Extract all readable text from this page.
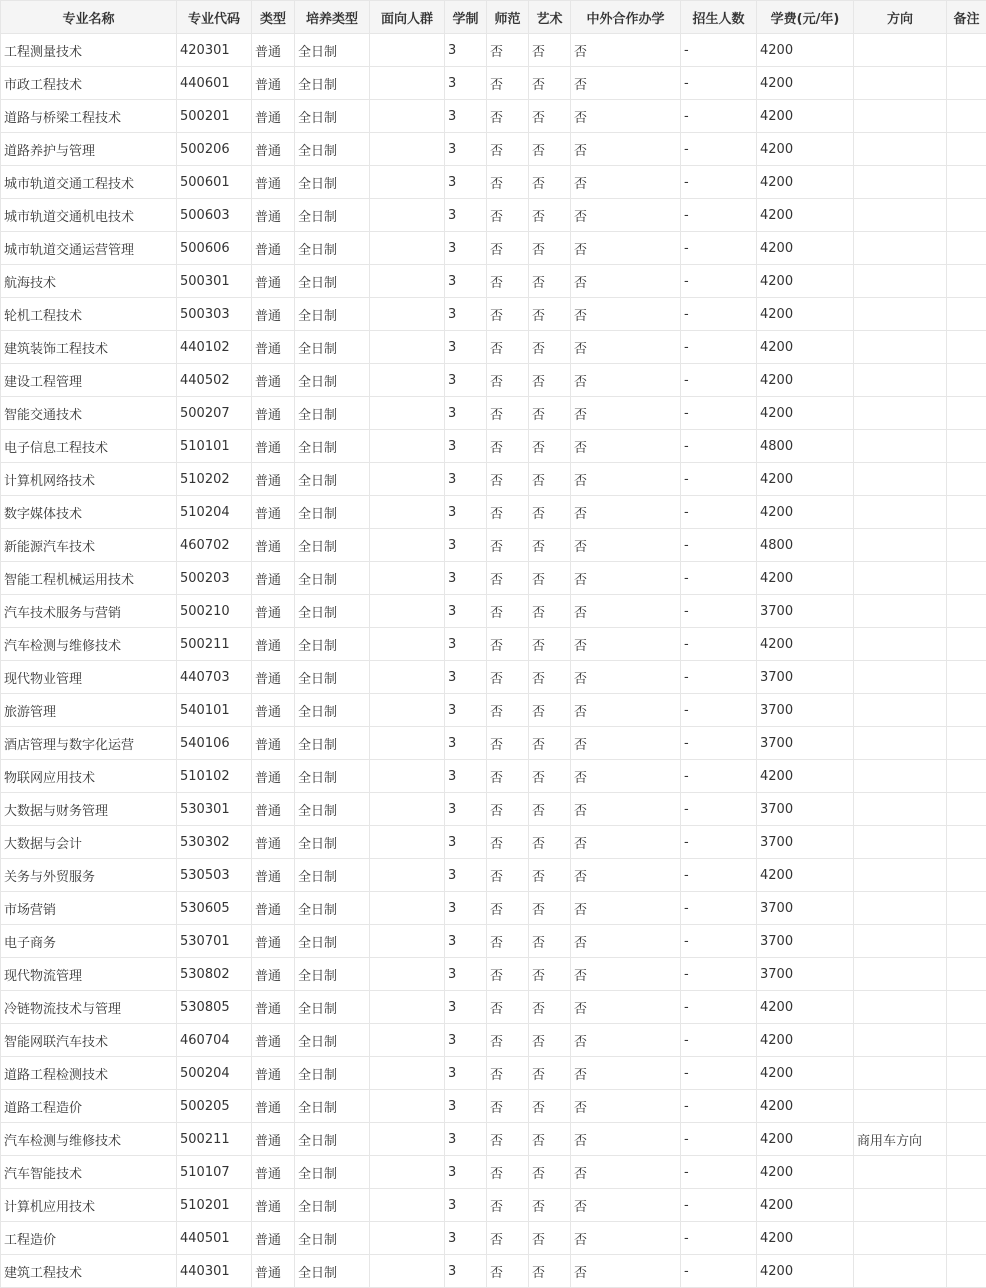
专业名称	专业代码	类型	培养类型	面向人群	学制	师范	艺术	中外合作办学	招生人数	学费(元/年)	方向	备注
工程测量技术	420301	普通	全日制		3	否	否	否	-	4200		
市政工程技术	440601	普通	全日制		3	否	否	否	-	4200		
道路与桥梁工程技术	500201	普通	全日制		3	否	否	否	-	4200		
道路养护与管理	500206	普通	全日制		3	否	否	否	-	4200		
城市轨道交通工程技术	500601	普通	全日制		3	否	否	否	-	4200		
城市轨道交通机电技术	500603	普通	全日制		3	否	否	否	-	4200		
城市轨道交通运营管理	500606	普通	全日制		3	否	否	否	-	4200		
航海技术	500301	普通	全日制		3	否	否	否	-	4200		
轮机工程技术	500303	普通	全日制		3	否	否	否	-	4200		
建筑装饰工程技术	440102	普通	全日制		3	否	否	否	-	4200		
建设工程管理	440502	普通	全日制		3	否	否	否	-	4200		
智能交通技术	500207	普通	全日制		3	否	否	否	-	4200		
电子信息工程技术	510101	普通	全日制		3	否	否	否	-	4800		
计算机网络技术	510202	普通	全日制		3	否	否	否	-	4200		
数字媒体技术	510204	普通	全日制		3	否	否	否	-	4200		
新能源汽车技术	460702	普通	全日制		3	否	否	否	-	4800		
智能工程机械运用技术	500203	普通	全日制		3	否	否	否	-	4200		
汽车技术服务与营销	500210	普通	全日制		3	否	否	否	-	3700		
汽车检测与维修技术	500211	普通	全日制		3	否	否	否	-	4200		
现代物业管理	440703	普通	全日制		3	否	否	否	-	3700		
旅游管理	540101	普通	全日制		3	否	否	否	-	3700		
酒店管理与数字化运营	540106	普通	全日制		3	否	否	否	-	3700		
物联网应用技术	510102	普通	全日制		3	否	否	否	-	4200		
大数据与财务管理	530301	普通	全日制		3	否	否	否	-	3700		
大数据与会计	530302	普通	全日制		3	否	否	否	-	3700		
关务与外贸服务	530503	普通	全日制		3	否	否	否	-	4200		
市场营销	530605	普通	全日制		3	否	否	否	-	3700		
电子商务	530701	普通	全日制		3	否	否	否	-	3700		
现代物流管理	530802	普通	全日制		3	否	否	否	-	3700		
冷链物流技术与管理	530805	普通	全日制		3	否	否	否	-	4200		
智能网联汽车技术	460704	普通	全日制		3	否	否	否	-	4200		
道路工程检测技术	500204	普通	全日制		3	否	否	否	-	4200		
道路工程造价	500205	普通	全日制		3	否	否	否	-	4200		
汽车检测与维修技术	500211	普通	全日制		3	否	否	否	-	4200	商用车方向	
汽车智能技术	510107	普通	全日制		3	否	否	否	-	4200		
计算机应用技术	510201	普通	全日制		3	否	否	否	-	4200		
工程造价	440501	普通	全日制		3	否	否	否	-	4200		
建筑工程技术	440301	普通	全日制		3	否	否	否	-	4200		
